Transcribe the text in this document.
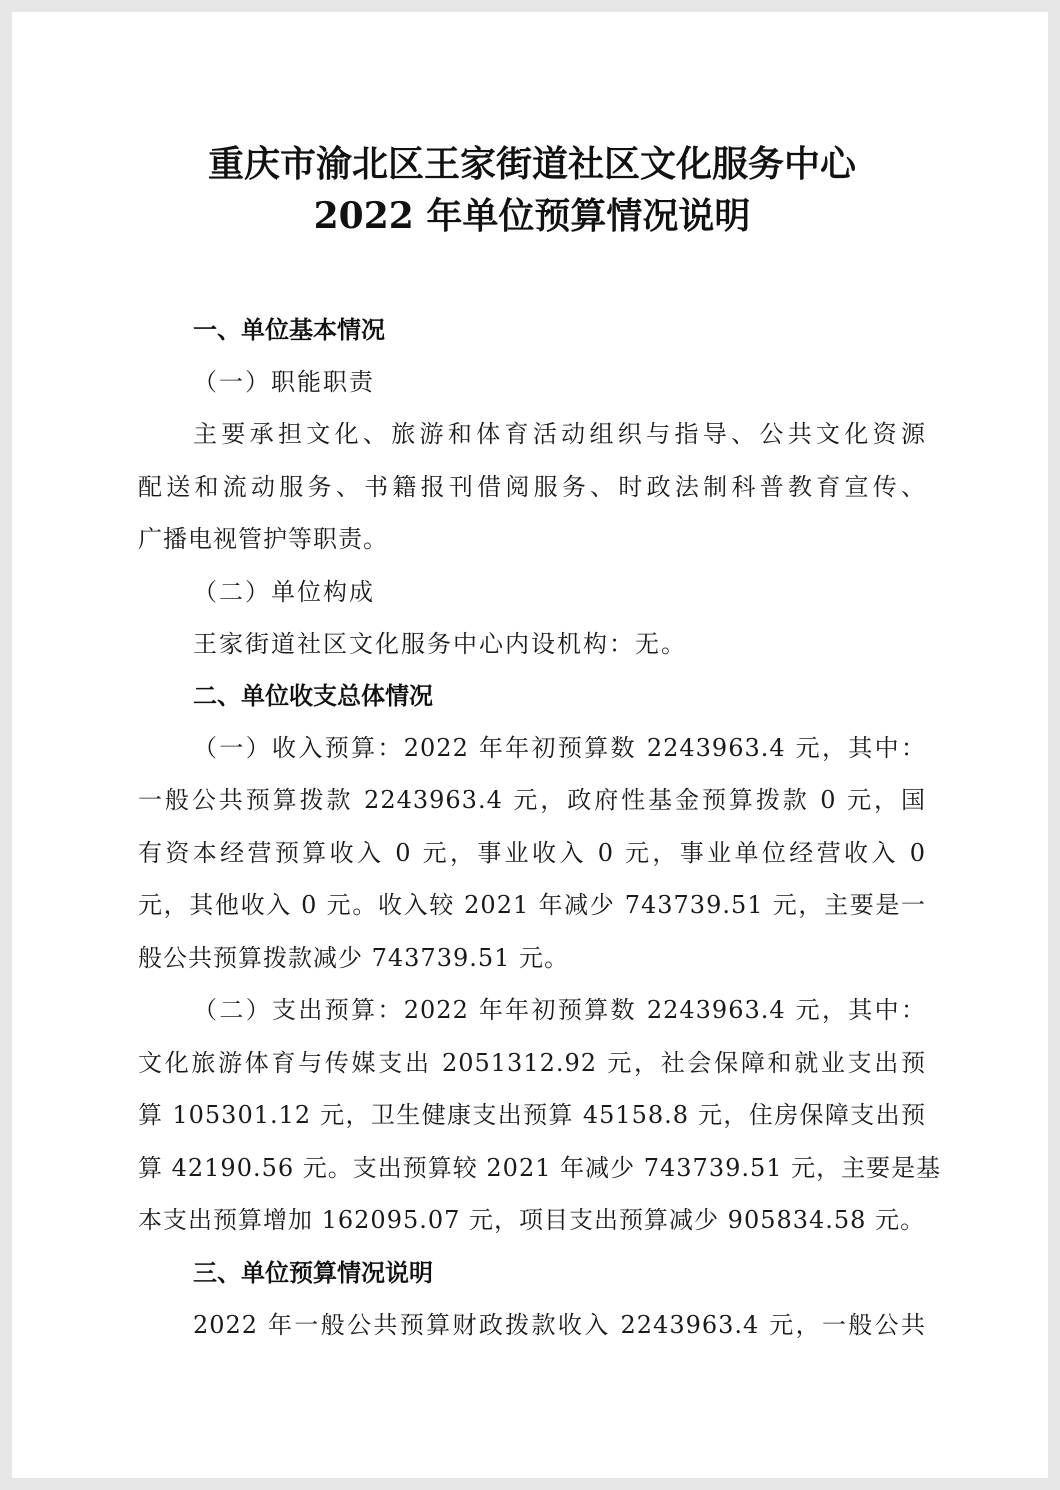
重庆市渝北区王家街道社区文化服务中心
2022 年单位预算情况说明

一、单位基本情况

（一）职能职责

主要承担文化、旅游和体育活动组织与指导、公共文化资源
配送和流动服务、书籍报刊借阅服务、时政法制科普教育宣传、
广播电视管护等职责。

（二）单位构成

王家街道社区文化服务中心内设机构：无。

二、单位收支总体情况

（一）收入预算：2022 年年初预算数 2243963.4 元，其中：
一般公共预算拨款 2243963.4 元，政府性基金预算拨款 0 元，国
有资本经营预算收入 0 元，事业收入 0 元，事业单位经营收入 0
元，其他收入 0 元。收入较 2021 年减少 743739.51 元，主要是一
般公共预算拨款减少 743739.51 元。
（二）支出预算：2022 年年初预算数 2243963.4 元，其中：
文化旅游体育与传媒支出 2051312.92 元，社会保障和就业支出预
算 105301.12 元，卫生健康支出预算 45158.8 元，住房保障支出预
算 42190.56 元。支出预算较 2021 年减少 743739.51 元，主要是基
本支出预算增加 162095.07 元，项目支出预算减少 905834.58 元。

三、单位预算情况说明

2022 年一般公共预算财政拨款收入 2243963.4 元，一般公共
